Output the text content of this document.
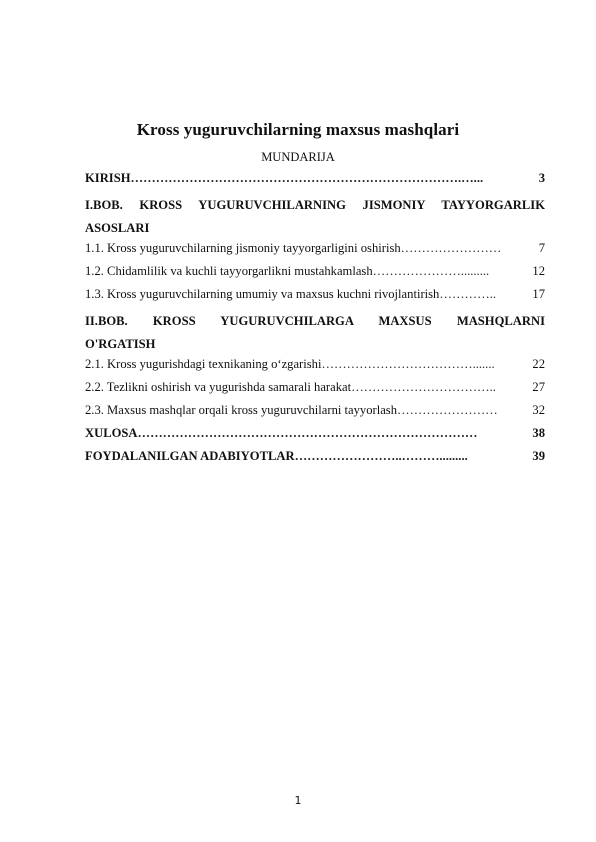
Kross yuguruvchilarning maxsus mashqlari
MUNDARIJA
KIRISH …………………………………………………………………….…...	3
I.BOB. KROSS YUGURUVCHILARNING JISMONIY TAYYORGARLIK
ASOSLARI
1.1. Kross yuguruvchilarning jismoniy tayyorgarligini oshirish ……………………	7
1.2. Chidamlilik va kuchli tayyorgarlikni mustahkamlash ………………….........	12
1.3. Kross yuguruvchilarning umumiy va maxsus kuchni rivojlantirish …………..	17
II.BOB. KROSS YUGURUVCHILARGA MAXSUS MASHQLARNI
O'RGATISH
2.1. Kross yugurishdagi texnikaning oʻzgarishi ……………………………….......	22
2.2. Tezlikni oshirish va yugurishda samarali harakat ……………………………..	27
2.3. Maxsus mashqlar orqali kross yuguruvchilarni tayyorlash ……………………	32
XULOSA ………………………………………………………………………	38
FOYDALANILGAN ADABIYOTLAR ……………………..……….........	39
1
